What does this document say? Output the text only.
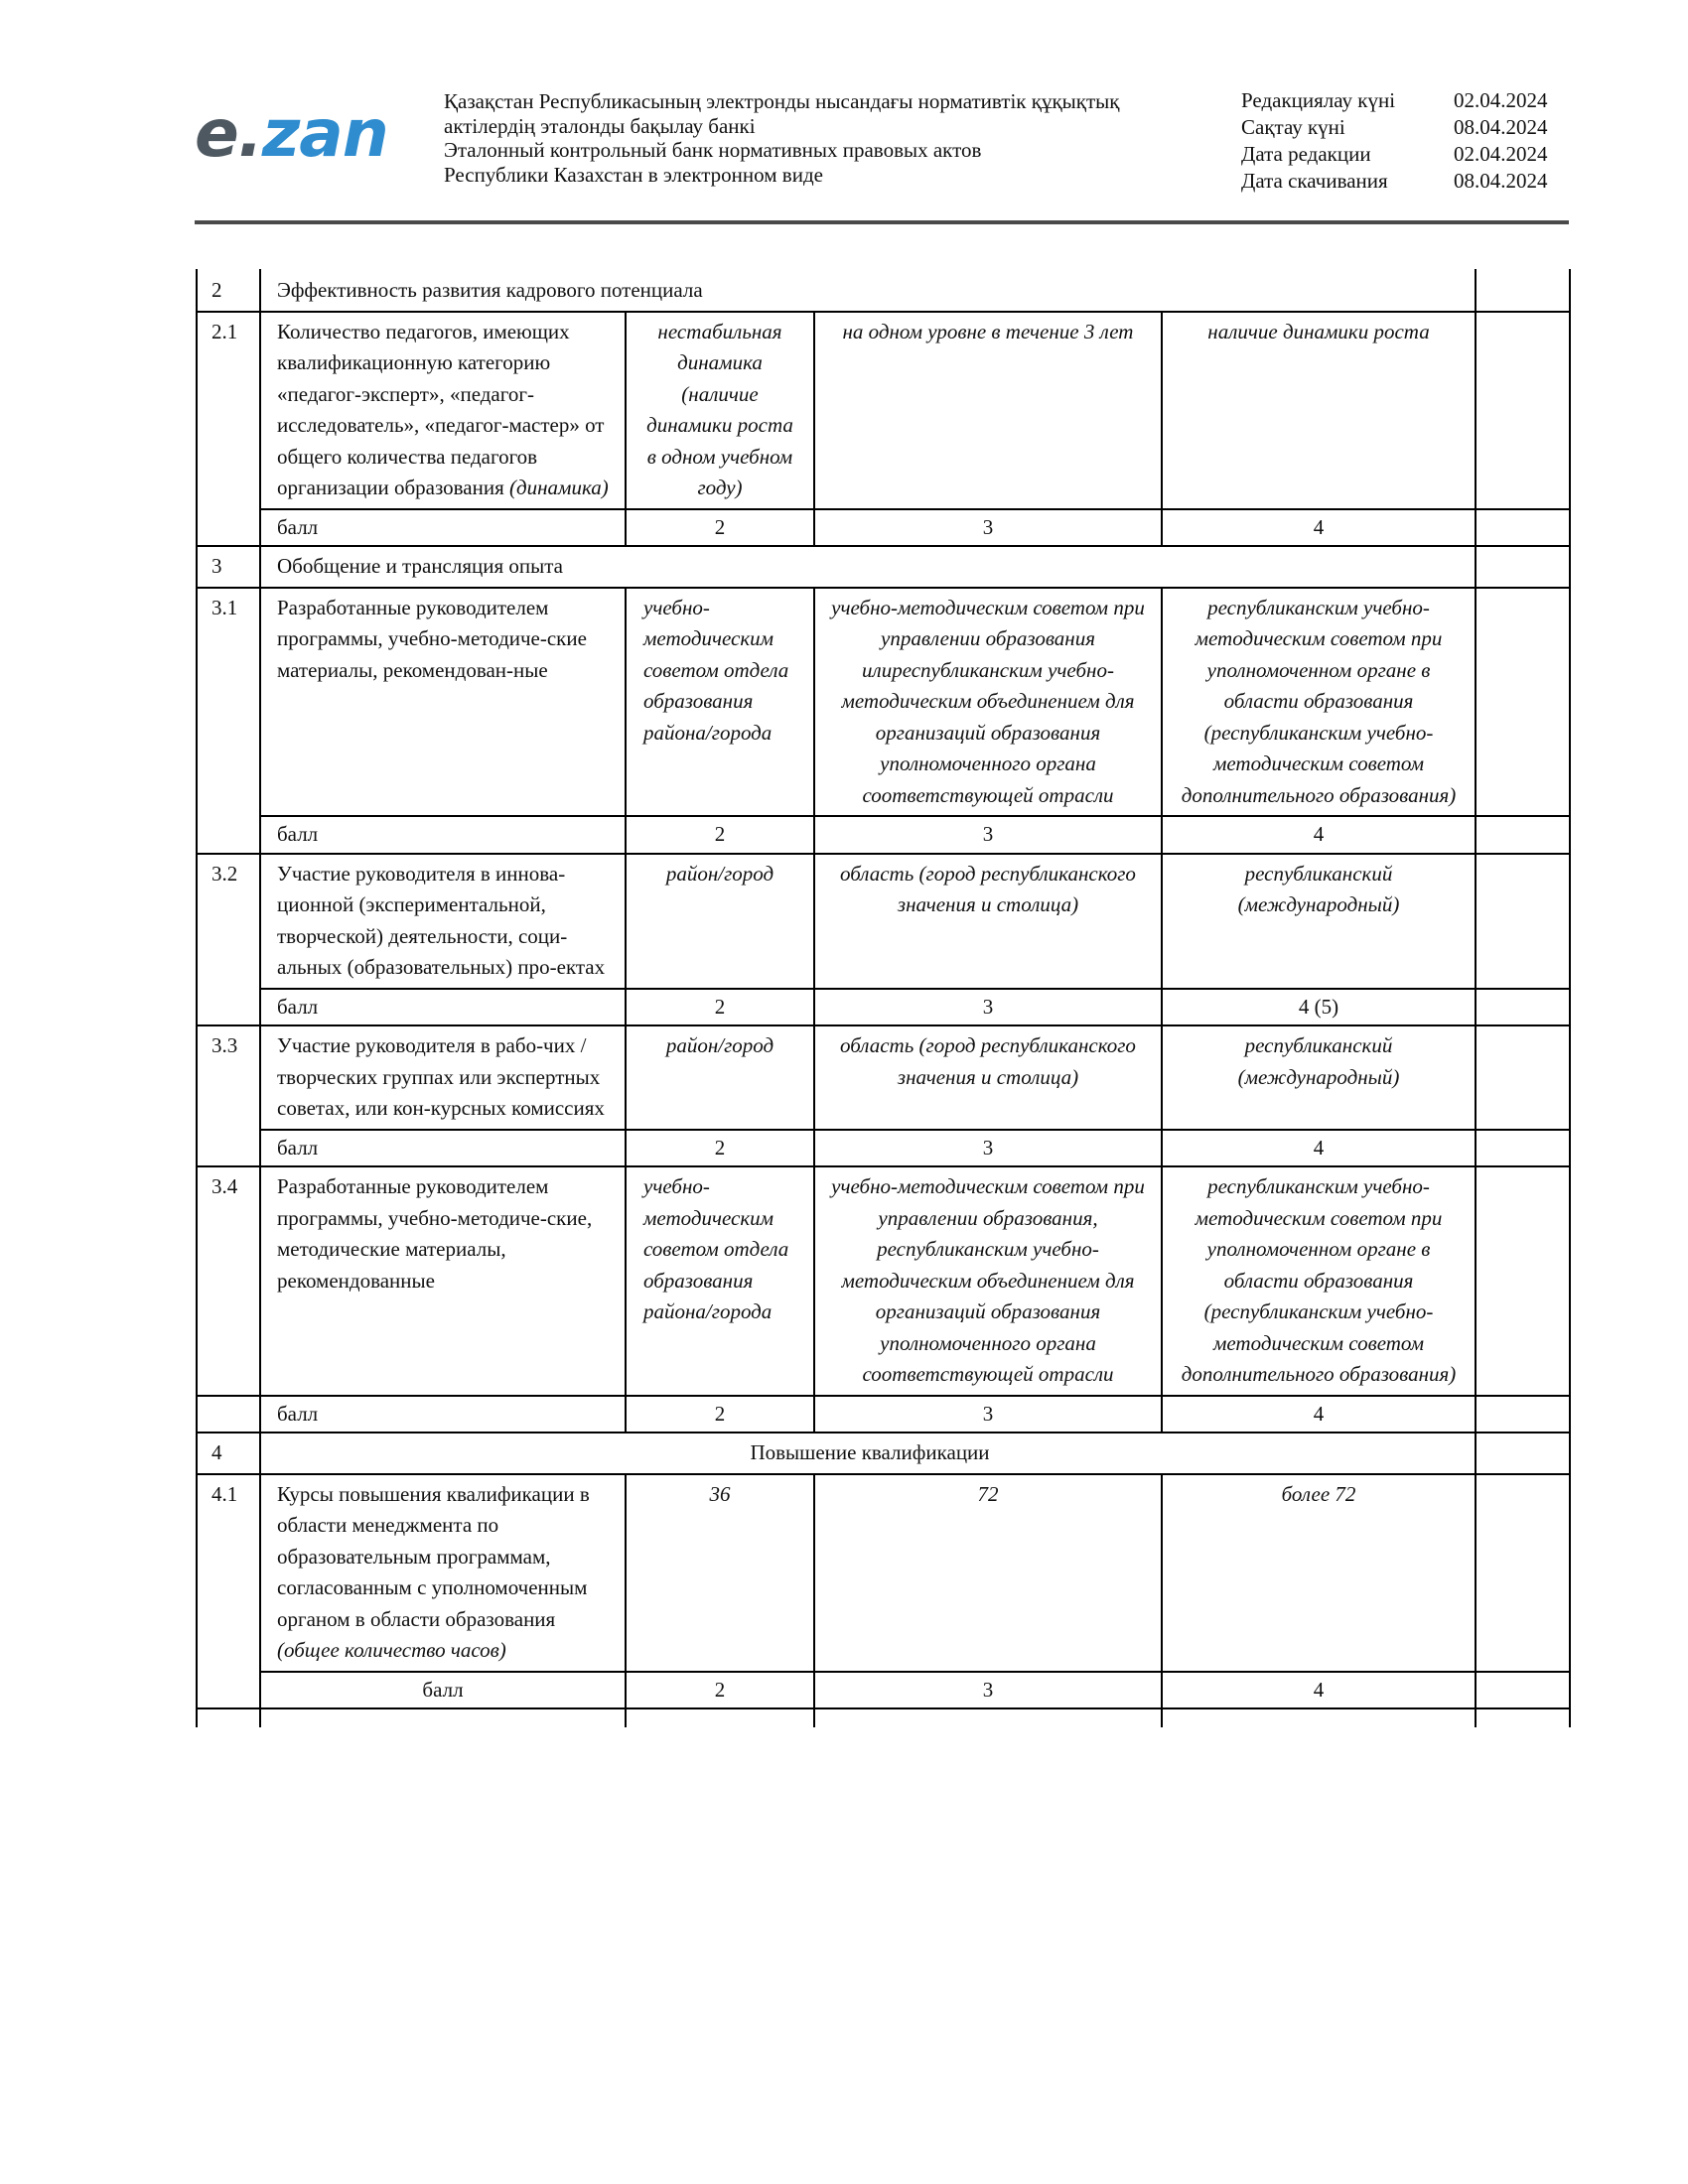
e.zan	Қазақстан Республикасының электронды нысандағы нормативтік құқықтық
актілердің эталонды бақылау банкі
Эталонный контрольный банк нормативных правовых актов
Республики Казахстан в электронном виде
Редакциялау күні	02.04.2024
Сақтау күні	08.04.2024
Дата редакции	02.04.2024
Дата скачивания	08.04.2024
2	Эффективность развития кадрового потенциала				
2.1	Количество педагогов, имеющих квалификационную категорию «педагог-эксперт», «педагог-исследователь», «педагог-мастер» от общего количества педагогов организации образования (динамика)	нестабильная динамика (наличие динамики роста в одном учебном году)	на одном уровне в течение 3 лет	наличие динамики роста	
	балл	2	3	4	
3	Обобщение и трансляция опыта				
3.1	Разработанные руководителем программы, учебно-методиче-ские материалы, рекомендован-ные	учебно-методическим советом отдела образования района/города	учебно-методическим советом при управлении образования илиреспубликанским учебно-методическим объединением для организаций образования уполномоченного органа соответствующей отрасли	республиканским учебно-методическим советом при уполномоченном органе в области образования (республиканским учебно-методическим советом дополнительного образования)	
	балл	2	3	4	
3.2	Участие руководителя в иннова-ционной (экспериментальной, творческой) деятельности, соци-альных (образовательных) про-ектах	район/город	область (город республиканского значения и столица)	республиканский (международный)	
	балл	2	3	4 (5)	
3.3	Участие руководителя в рабо-чих / творческих группах или экспертных советах, или кон-курсных комиссиях	район/город	область (город республиканского значения и столица)	республиканский (международный)	
	балл	2	3	4	
3.4	Разработанные руководителем программы, учебно-методиче-ские, методические материалы, рекомендованные	учебно-методическим советом отдела образования района/города	учебно-методическим советом при управлении образования, республиканским учебно-методическим объединением для организаций образования уполномоченного органа соответствующей отрасли	республиканским учебно-методическим советом при уполномоченном органе в области образования (республиканским учебно-методическим советом дополнительного образования)	
	балл	2	3	4	
4	Повышение квалификации				
4.1	Курсы повышения квалификации в области менеджмента по образовательным программам, согласованным с уполномоченным органом в области образования (общее количество часов)	36	72	более 72	
	балл	2	3	4	
